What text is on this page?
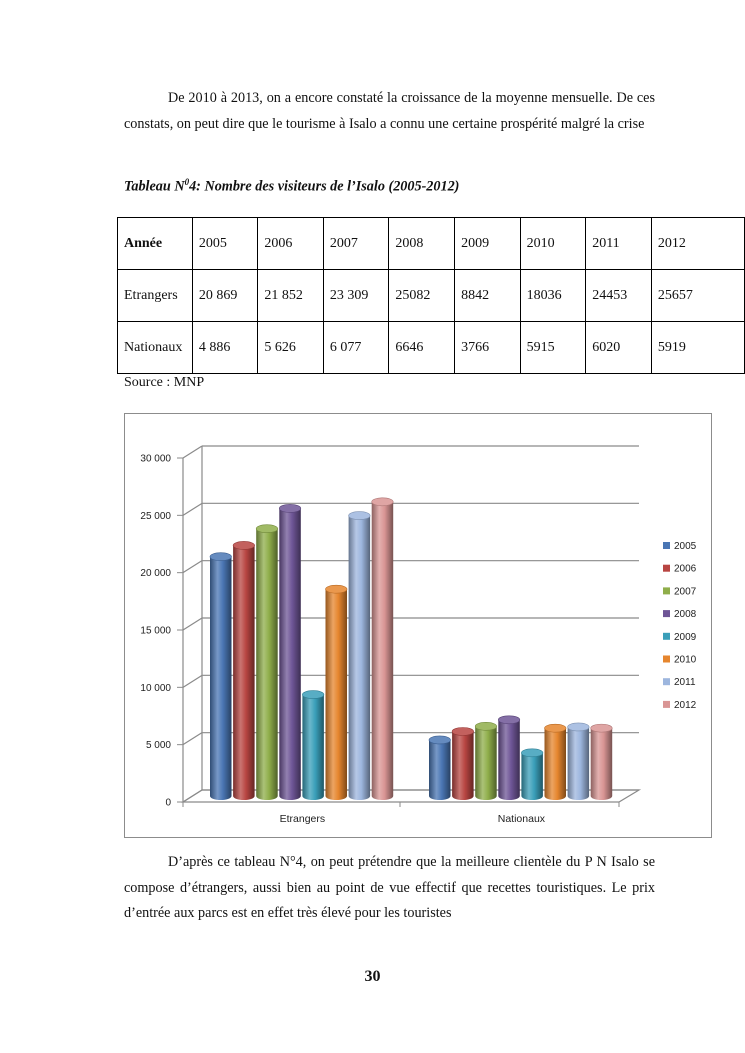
De 2010 à 2013, on a encore constaté la croissance de la moyenne mensuelle. De ces constats, on peut dire que le tourisme à Isalo a connu une certaine prospérité malgré la crise
Tableau $N^04$: Nombre des visiteurs de l’Isalo (2005-2012)
Année	2005	2006	2007	2008	2009	2010	2011	2012
Etrangers	20 869	21 852	23 309	25082	8842	18036	24453	25657
Nationaux	4 886	5 626	6 077	6646	3766	5915	6020	5919
Source : MNP
0
5 000
10 000
15 000
20 000
25 000
30 000
Etrangers	Nationaux
2005
2006
2007
2008
2009
2010
2011
2012
D’après ce tableau N°4, on peut prétendre que la meilleure clientèle du P N Isalo se compose d’étrangers, aussi bien au point de vue effectif que recettes touristiques. Le prix d’entrée aux parcs est en effet très élevé pour les touristes
30
